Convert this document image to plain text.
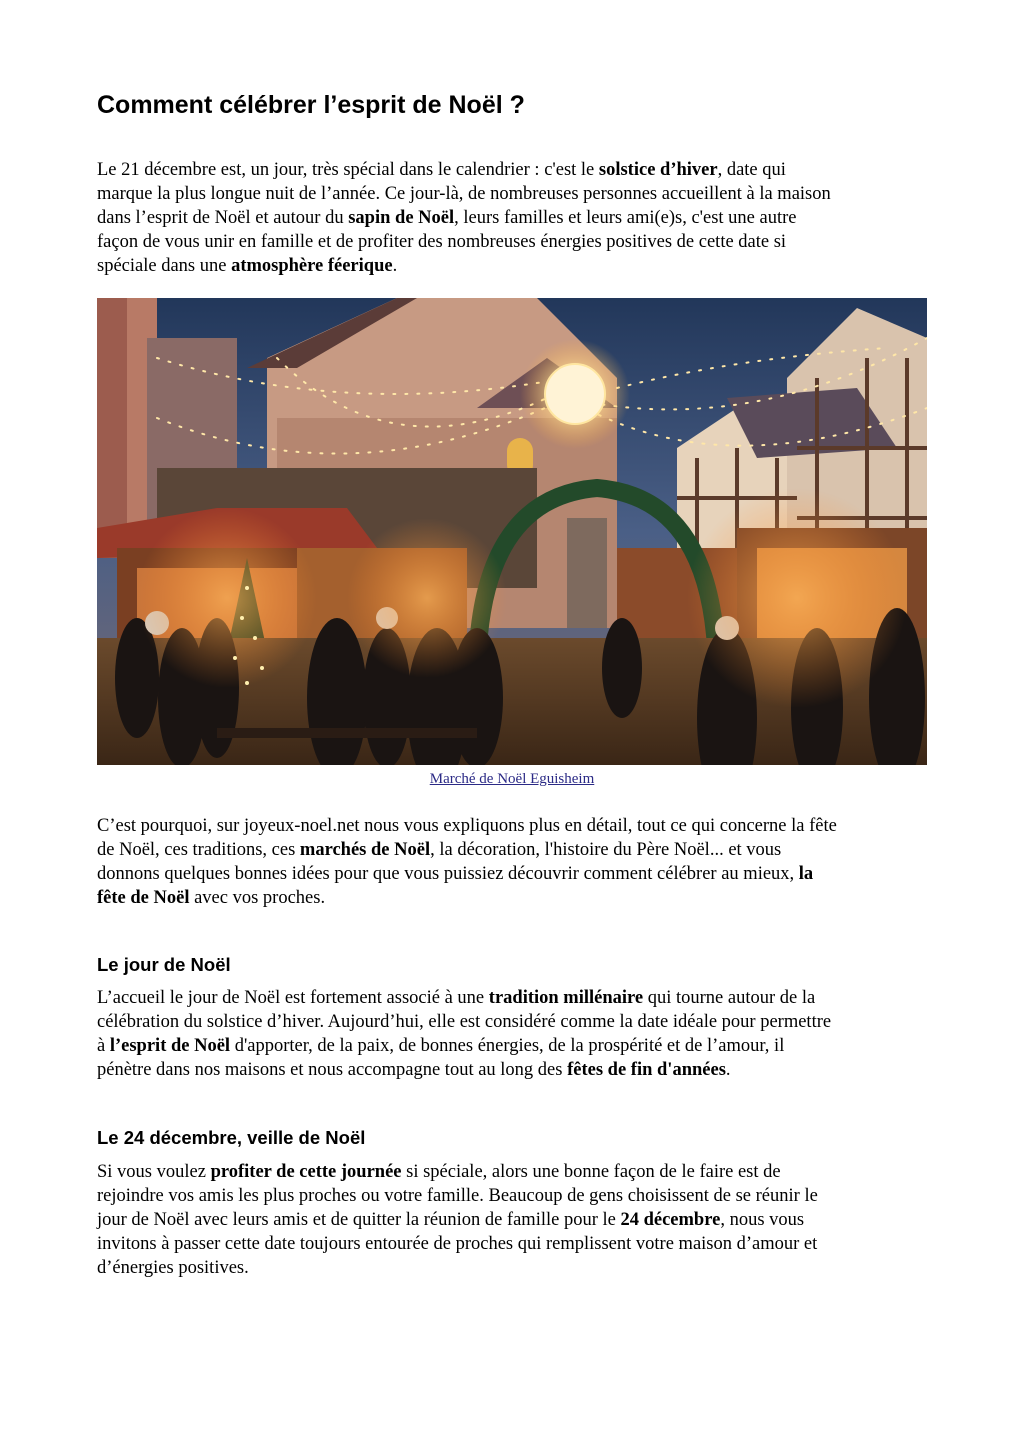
Comment célébrer l’esprit de Noël ?

Le 21 décembre est, un jour, très spécial dans le calendrier : c'est le solstice d’hiver, date qui
marque la plus longue nuit de l’année. Ce jour-là, de nombreuses personnes accueillent à la maison
dans l’esprit de Noël et autour du sapin de Noël, leurs familles et leurs ami(e)s, c'est une autre
façon de vous unir en famille et de profiter des nombreuses énergies positives de cette date si
spéciale dans une atmosphère féerique.

Marché de Noël Eguisheim

C’est pourquoi, sur joyeux-noel.net nous vous expliquons plus en détail, tout ce qui concerne la fête
de Noël, ces traditions, ces marchés de Noël, la décoration, l'histoire du Père Noël... et vous
donnons quelques bonnes idées pour que vous puissiez découvrir comment célébrer au mieux, la
fête de Noël avec vos proches.

Le jour de Noël

L’accueil le jour de Noël est fortement associé à une tradition millénaire qui tourne autour de la
célébration du solstice d’hiver. Aujourd’hui, elle est considéré comme la date idéale pour permettre
à l’esprit de Noël d'apporter, de la paix, de bonnes énergies, de la prospérité et de l’amour, il
pénètre dans nos maisons et nous accompagne tout au long des fêtes de fin d'années.

Le 24 décembre, veille de Noël

Si vous voulez profiter de cette journée si spéciale, alors une bonne façon de le faire est de
rejoindre vos amis les plus proches ou votre famille. Beaucoup de gens choisissent de se réunir le
jour de Noël avec leurs amis et de quitter la réunion de famille pour le 24 décembre, nous vous
invitons à passer cette date toujours entourée de proches qui remplissent votre maison d’amour et
d’énergies positives.
